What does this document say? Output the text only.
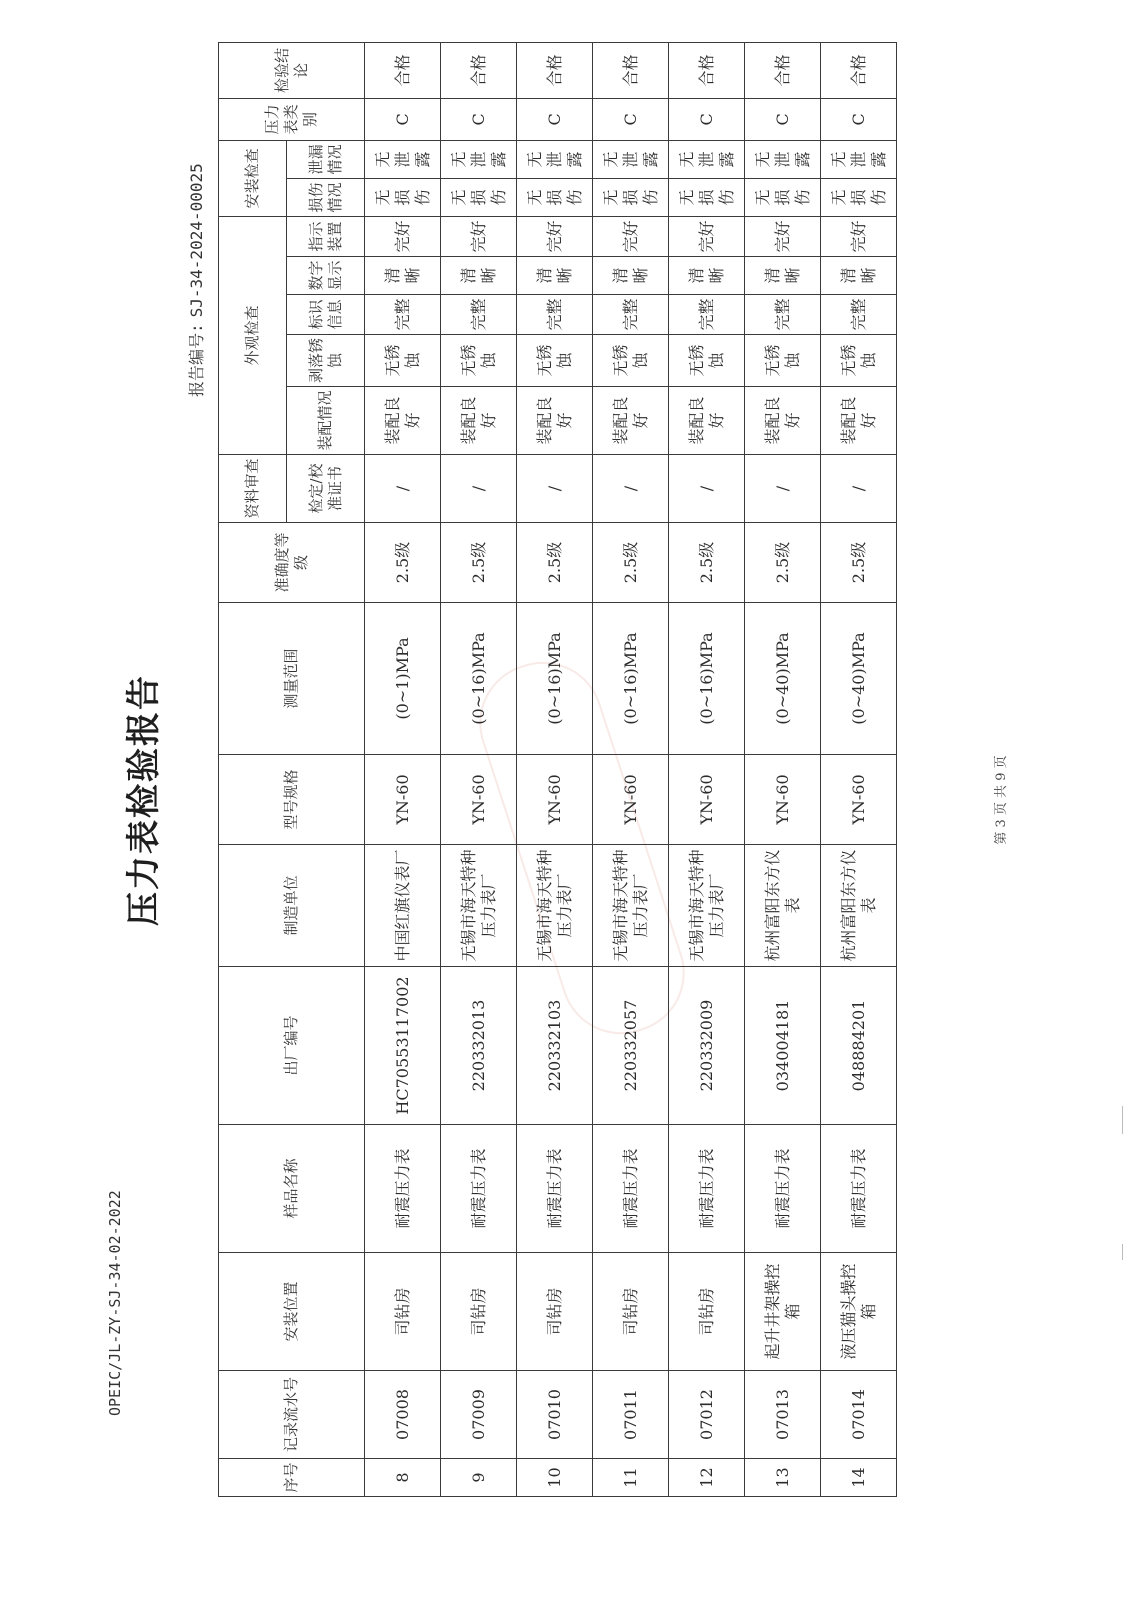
OPEIC/JL-ZY-SJ-34-02-2022
压力表检验报告
报告编号:SJ-34-2024-00025
序号	记录流水号	安装位置	样品名称	出厂编号	制造单位	型号规格	测量范围	准确度等级	资料审查	外观检查					安装检查		压力表类别	检验结论
									检定/校准证书	装配情况	剥落锈蚀	标识信息	数字显示	指示装置	损伤情况	泄漏情况		
8	07008	司钻房	耐震压力表	HC70553117002	中国红旗仪表厂	YN-60	(0~1)MPa	2.5级	/	装配良好	无锈蚀	完整	清晰	完好	无损伤	无泄露	C	合格
9	07009	司钻房	耐震压力表	220332013	无锡市海天特种压力表厂	YN-60	(0~16)MPa	2.5级	/	装配良好	无锈蚀	完整	清晰	完好	无损伤	无泄露	C	合格
10	07010	司钻房	耐震压力表	220332103	无锡市海天特种压力表厂	YN-60	(0~16)MPa	2.5级	/	装配良好	无锈蚀	完整	清晰	完好	无损伤	无泄露	C	合格
11	07011	司钻房	耐震压力表	220332057	无锡市海天特种压力表厂	YN-60	(0~16)MPa	2.5级	/	装配良好	无锈蚀	完整	清晰	完好	无损伤	无泄露	C	合格
12	07012	司钻房	耐震压力表	220332009	无锡市海天特种压力表厂	YN-60	(0~16)MPa	2.5级	/	装配良好	无锈蚀	完整	清晰	完好	无损伤	无泄露	C	合格
13	07013	起升井架操控箱	耐震压力表	034004181	杭州富阳东方仪表	YN-60	(0~40)MPa	2.5级	/	装配良好	无锈蚀	完整	清晰	完好	无损伤	无泄露	C	合格
14	07014	液压猫头操控箱	耐震压力表	048884201	杭州富阳东方仪表	YN-60	(0~40)MPa	2.5级	/	装配良好	无锈蚀	完整	清晰	完好	无损伤	无泄露	C	合格
第 3 页 共 9 页
